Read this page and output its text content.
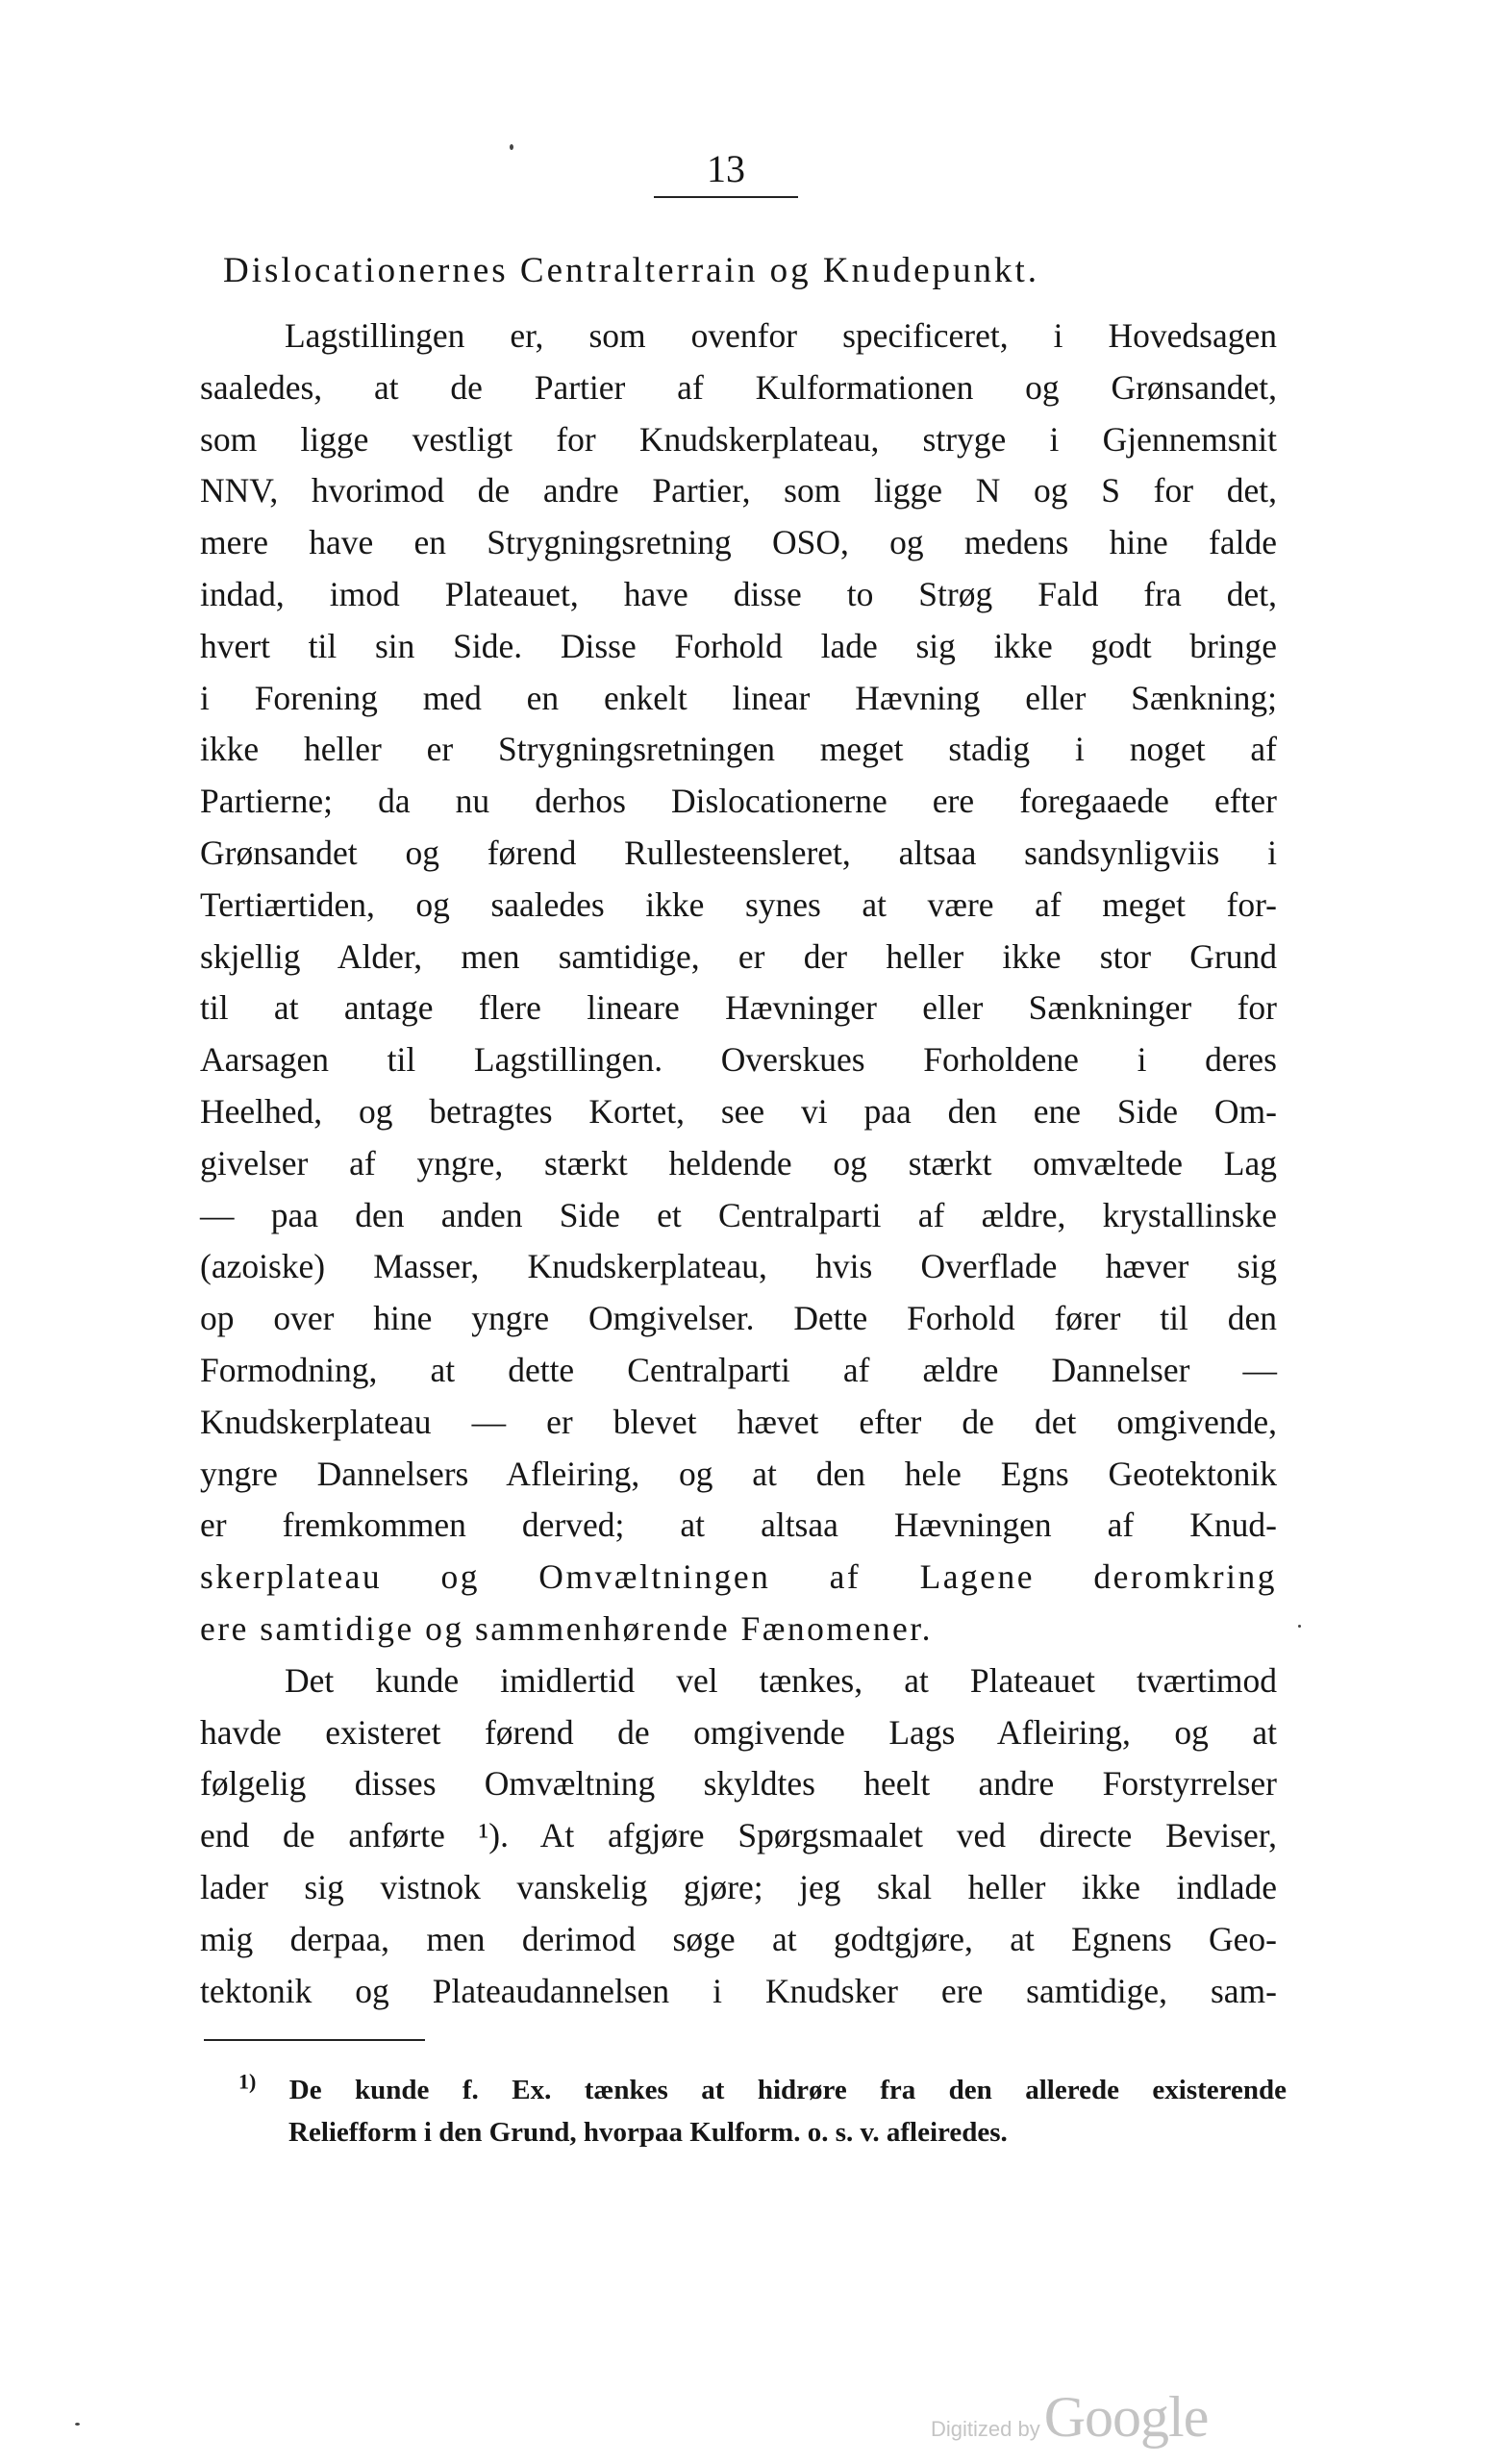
13
Dislocationernes Centralterrain og Knudepunkt.
Lagstillingen er, som ovenfor specificeret, i Hovedsagen
saaledes, at de Partier af Kulformationen og Grønsandet,
som ligge vestligt for Knudskerplateau, stryge i Gjennemsnit
NNV, hvorimod de andre Partier, som ligge N og S for det,
mere have en Strygningsretning OSO, og medens hine falde
indad, imod Plateauet, have disse to Strøg Fald fra det,
hvert til sin Side. Disse Forhold lade sig ikke godt bringe
i Forening med en enkelt linear Hævning eller Sænkning;
ikke heller er Strygningsretningen meget stadig i noget af
Partierne; da nu derhos Dislocationerne ere foregaaede efter
Grønsandet og førend Rullesteensleret, altsaa sandsynligviis i
Tertiærtiden, og saaledes ikke synes at være af meget for-
skjellig Alder, men samtidige, er der heller ikke stor Grund
til at antage flere lineare Hævninger eller Sænkninger for
Aarsagen til Lagstillingen. Overskues Forholdene i deres
Heelhed, og betragtes Kortet, see vi paa den ene Side Om-
givelser af yngre, stærkt heldende og stærkt omvæltede Lag
— paa den anden Side et Centralparti af ældre, krystallinske
(azoiske) Masser, Knudskerplateau, hvis Overflade hæver sig
op over hine yngre Omgivelser. Dette Forhold fører til den
Formodning, at dette Centralparti af ældre Dannelser —
Knudskerplateau — er blevet hævet efter de det omgivende,
yngre Dannelsers Afleiring, og at den hele Egns Geotektonik
er fremkommen derved; at altsaa Hævningen af Knud-
skerplateau og Omvæltningen af Lagene deromkring
ere samtidige og sammenhørende Fænomener.
Det kunde imidlertid vel tænkes, at Plateauet tværtimod
havde existeret førend de omgivende Lags Afleiring, og at
følgelig disses Omvæltning skyldtes heelt andre Forstyrrelser
end de anførte ¹). At afgjøre Spørgsmaalet ved directe Beviser,
lader sig vistnok vanskelig gjøre; jeg skal heller ikke indlade
mig derpaa, men derimod søge at godtgjøre, at Egnens Geo-
tektonik og Plateaudannelsen i Knudsker ere samtidige, sam-
$^{1)}$ De kunde f. Ex. tænkes at hidrøre fra den allerede existerende
Reliefform i den Grund, hvorpaa Kulform. o. s. v. afleiredes.
Digitized by Google
